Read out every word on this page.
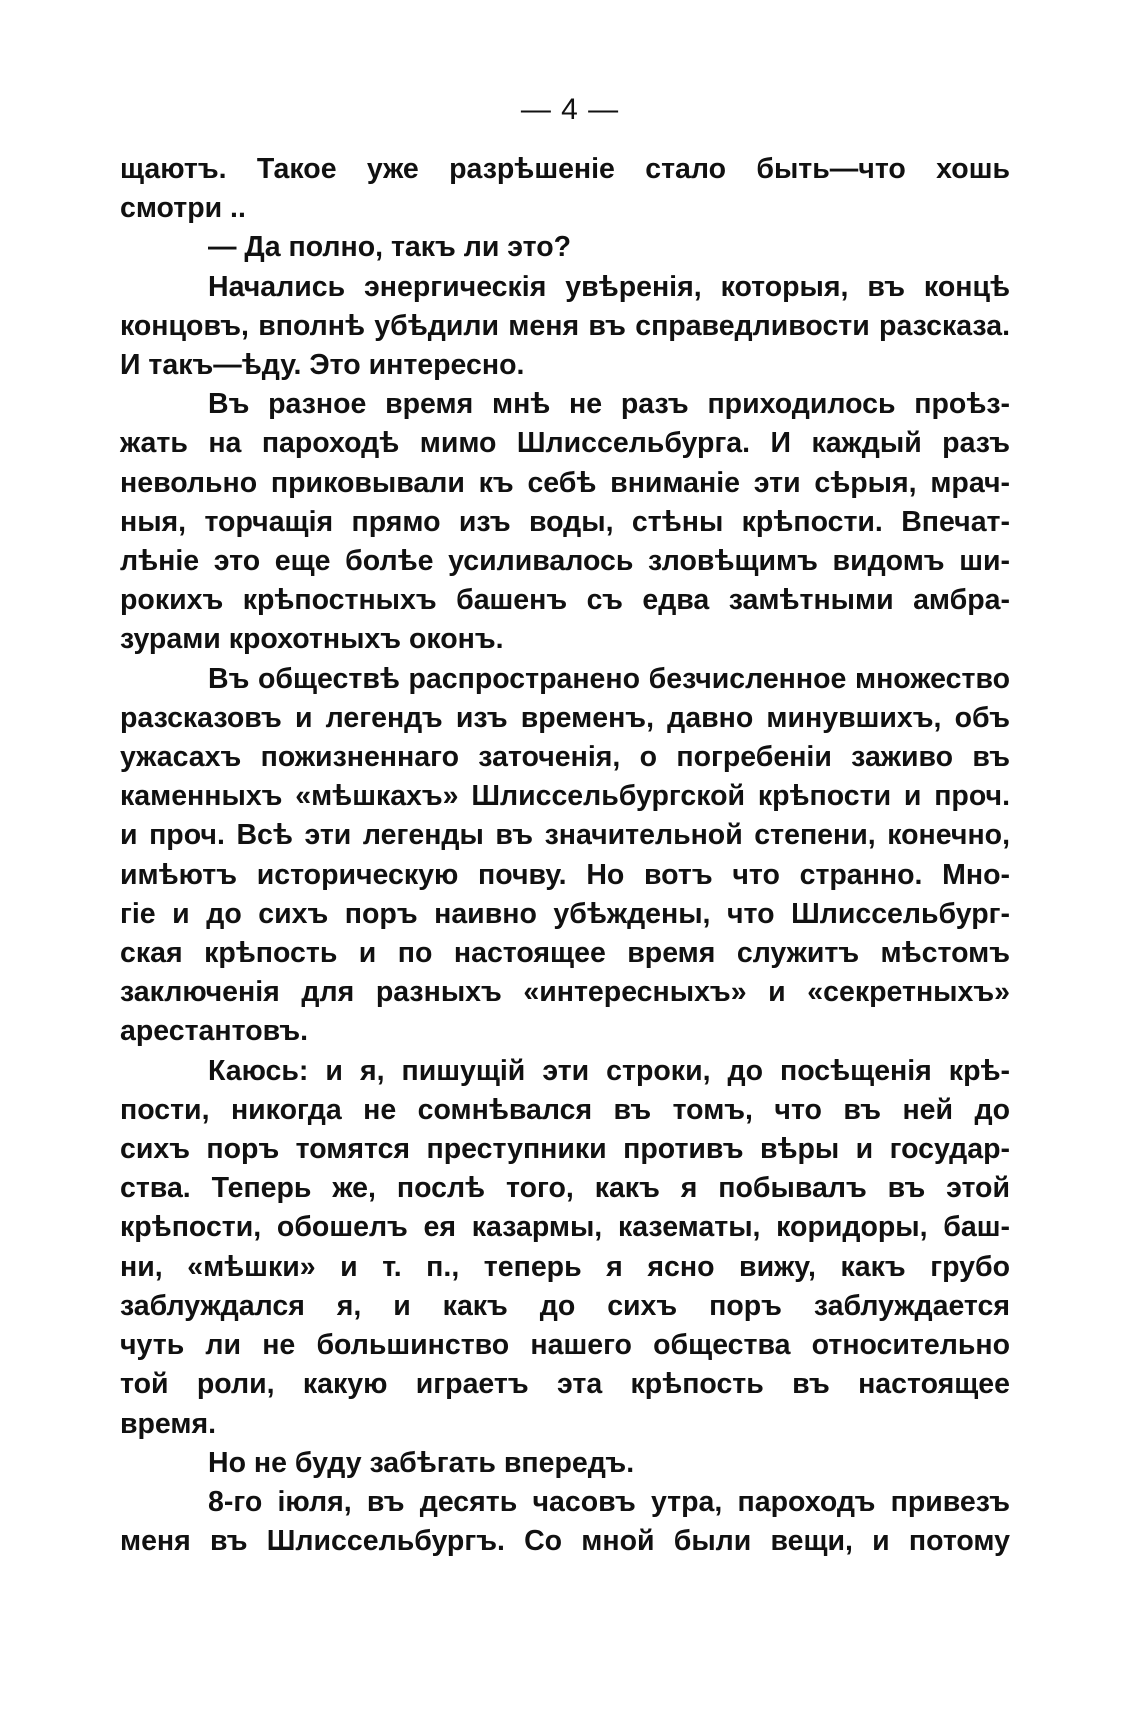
— 4 —

щаютъ. Такое уже разрѣшеніе стало быть—что хошь
смотри ..

— Да полно, такъ ли это?

Начались энергическія увѣренія, которыя, въ концѣ
концовъ, вполнѣ убѣдили меня въ справедливости разсказа.
И такъ—ѣду. Это интересно.

Въ разное время мнѣ не разъ приходилось проѣз-
жать на пароходѣ мимо Шлиссельбурга. И каждый разъ
невольно приковывали къ себѣ вниманіе эти сѣрыя, мрач-
ныя, торчащія прямо изъ воды, стѣны крѣпости. Впечат-
лѣніе это еще болѣе усиливалось зловѣщимъ видомъ ши-
рокихъ крѣпостныхъ башенъ съ едва замѣтными амбра-
зурами крохотныхъ оконъ.

Въ обществѣ распространено безчисленное множество
разсказовъ и легендъ изъ временъ, давно минувшихъ, объ
ужасахъ пожизненнаго заточенія, о погребеніи заживо въ
каменныхъ «мѣшкахъ» Шлиссельбургской крѣпости и проч.
и проч. Всѣ эти легенды въ значительной степени, конечно,
имѣютъ историческую почву. Но вотъ что странно. Мно-
гіе и до сихъ поръ наивно убѣждены, что Шлиссельбург-
ская крѣпость и по настоящее время служитъ мѣстомъ
заключенія для разныхъ «интересныхъ» и «секретныхъ»
арестантовъ.

Каюсь: и я, пишущій эти строки, до посѣщенія крѣ-
пости, никогда не сомнѣвался въ томъ, что въ ней до
сихъ поръ томятся преступники противъ вѣры и государ-
ства. Теперь же, послѣ того, какъ я побывалъ въ этой
крѣпости, обошелъ ея казармы, казематы, коридоры, баш-
ни, «мѣшки» и т. п., теперь я ясно вижу, какъ грубо
заблуждался я, и какъ до сихъ поръ заблуждается
чуть ли не большинство нашего общества относительно
той роли, какую играетъ эта крѣпость въ настоящее
время.

Но не буду забѣгать впередъ.

8-го іюля, въ десять часовъ утра, пароходъ привезъ
меня въ Шлиссельбургъ. Со мной были вещи, и потому
